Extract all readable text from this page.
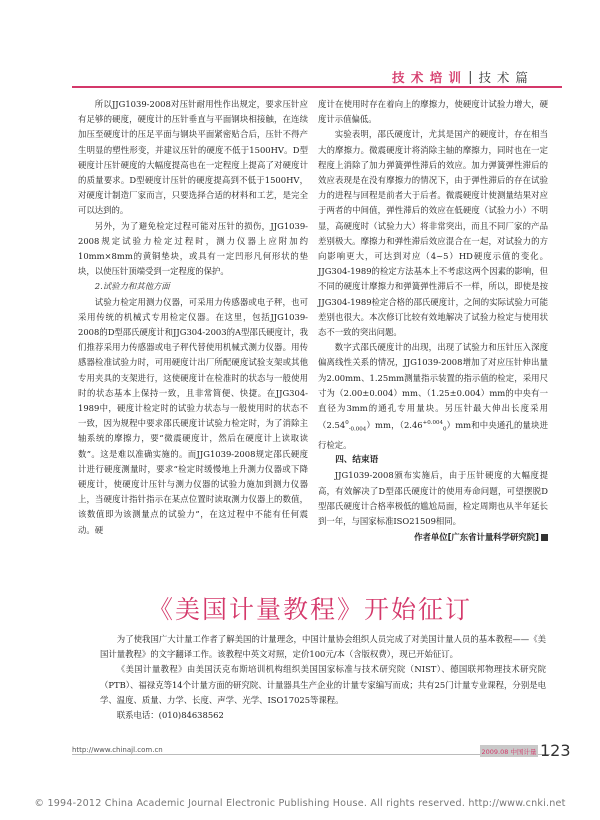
技 术 培 训 | 技 术 篇

所以JJG1039-2008对压针耐用性作出规定，要求压针应有足够的硬度，硬度计的压针垂直与平面钢块相接触，在连续加压至硬度计的压足平面与钢块平面紧密贴合后，压针不得产生明显的塑性形变，并建议压针的硬度不低于1500HV。D型硬度计压针硬度的大幅度提高也在一定程度上提高了对硬度计的质量要求。D型硬度计压针的硬度提高到不低于1500HV，对硬度计制造厂家而言，只要选择合适的材料和工艺，是完全可以达到的。

另外，为了避免检定过程可能对压针的损伤，JJG1039-2008规定试验力检定过程时，测力仪器上应附加约10mm×8mm的黄铜垫块，或具有一定凹形凡何形状的垫块，以使压针顶端受到一定程度的保护。

2.试验力和其他方面

试验力检定用测力仪器，可采用力传感器或电子秤，也可采用传统的机械式专用检定仪器。在这里，包括JJG1039-2008的D型邵氏硬度计和JJG304-2003的A型邵氏硬度计，我们推荐采用力传感器或电子秤代替使用机械式测力仪器。用传感器检准试验力时，可用硬度计出厂所配硬度试验支架或其他专用夹具的支架进行，这使硬度计在检准时的状态与一般使用时的状态基本上保持一致，且非常简便、快捷。在JJG304-1989中，硬度计检定时的试验力状态与一般使用时的状态不一致，因为规程中要求邵氏硬度计试验力检定时，为了消除主轴系统的摩擦力，要“微震硬度计，然后在硬度计上读取读数”。这是难以准确实施的。而JJG1039-2008规定邵氏硬度计进行硬度测量时，要求“检定时缓慢地上升测力仪器或下降硬度计，使硬度计压针与测力仪器的试验力施加到测力仪器上，当硬度计指针指示在某点位置时读取测力仪器上的数值，该数值即为该测量点的试验力”，在这过程中不能有任何震动。硬

度计在使用时存在着向上的摩擦力，使硬度计试验力增大，硬度计示值偏低。

实验表明，邵氏硬度计，尤其是国产的硬度计，存在相当大的摩擦力。微震硬度计将消除主轴的摩擦力，同时也在一定程度上消除了加力弹簧弹性滞后的效应。加力弹簧弹性滞后的效应表现是在没有摩擦力的情况下，由于弹性滞后的存在试验力的进程与回程是前者大于后者。微震硬度计使测量结果对应于两者的中间值，弹性滞后的效应在低硬度（试验力小）不明显，高硬度时（试验力大）将非常突出，而且不同厂家的产品差别极大。摩擦力和弹性滞后效应混合在一起，对试验力的方向影响更大，可达到对应（4~5）HD硬度示值的变化。JJG304-1989的检定方法基本上不考虑这两个因素的影响，但不同的硬度计摩擦力和弹簧弹性滞后不一样，所以，即使是按JJG304-1989检定合格的邵氏硬度计，之间的实际试验力可能差别也很大。本次修订比较有效地解决了试验力检定与使用状态不一致的突出问题。

数字式邵氏硬度计的出现，出现了试验力和压针压入深度偏离线性关系的情况，JJG1039-2008增加了对应压针伸出量为2.00mm、1.25mm测量指示装置的指示值的检定，采用尺寸为（2.00±0.004）mm、（1.25±0.004）mm的中央有一直径为3mm的通孔专用量块。另压针最大伸出长度采用$(2.54^0_{-0.004})mm$，$(2.46^{+0.004}_0)mm$和中央通孔的量块进行检定。

四、结束语

JJG1039-2008颁布实施后，由于压针硬度的大幅度提高，有效解决了D型邵氏硬度计的使用寿命问题，可望摆脱D型邵氏硬度计合格率极低的尴尬局面，检定周期也从半年延长到一年，与国家标准ISO21509相同。

作者单位[广东省计量科学研究院]
《美国计量教程》开始征订

为了使我国广大计量工作者了解美国的计量理念，中国计量协会组织人员完成了对美国计量人员的基本教程——《美国计量教程》的文字翻译工作。该教程中英文对照，定价100元/本（含版权费），现已开始征订。

《美国计量教程》由美国沃克布斯培训机构组织美国国家标准与技术研究院（NIST）、德国联邦物理技术研究院（PTB）、福禄克等14个计量方面的研究院、计量器具生产企业的计量专家编写而成；共有25门计量专业课程，分别是电学、温度、质量、力学、长度、声学、光学、ISO17025等课程。

联系电话：(010)84638562

http://www.chinajl.com.cn	2009.08 中国计量 123
© 1994-2012 China Academic Journal Electronic Publishing House. All rights reserved. http://www.cnki.net
